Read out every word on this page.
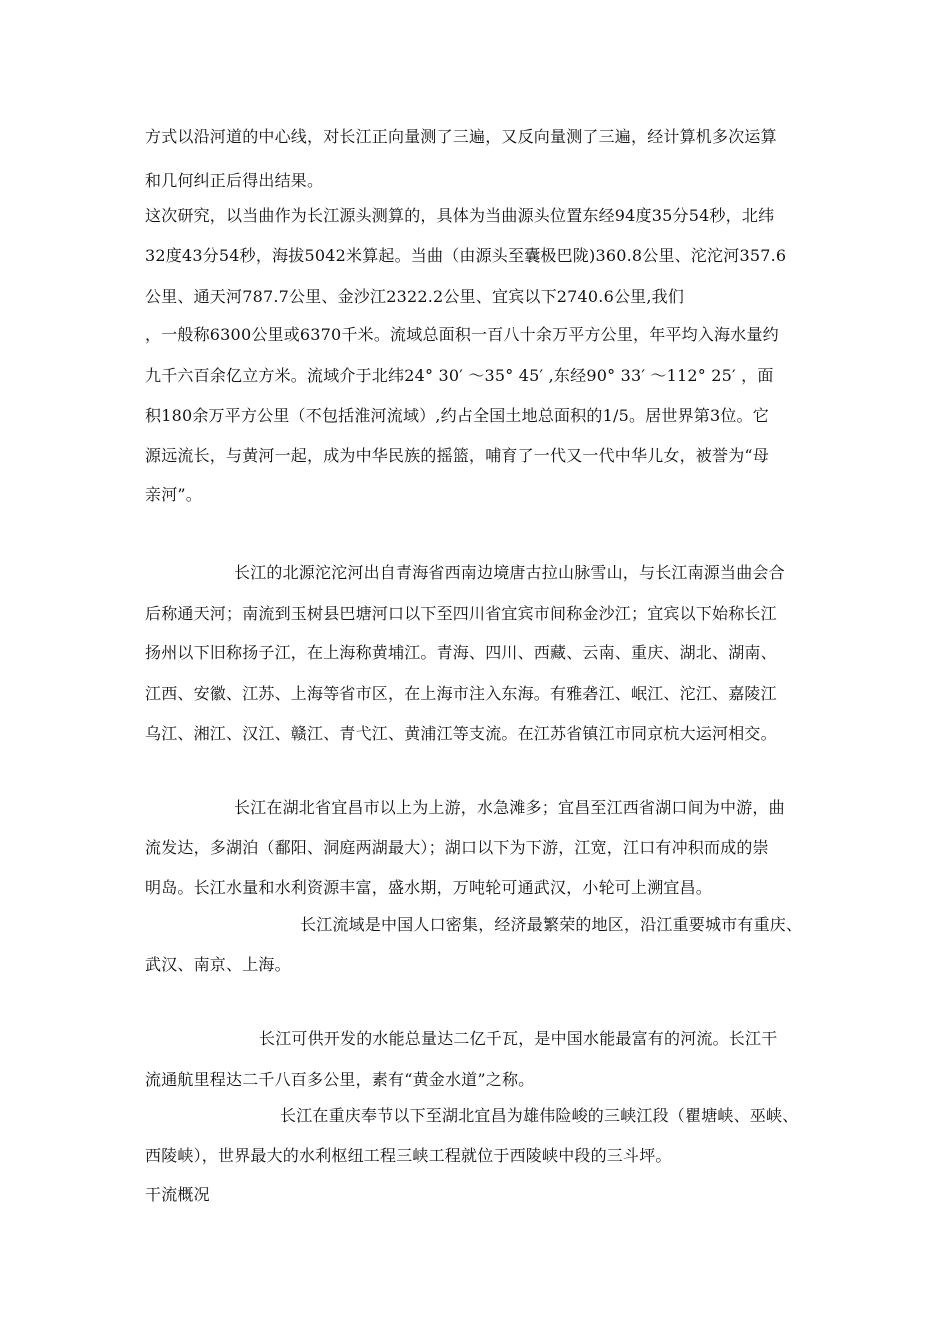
方式以沿河道的中心线，对长江正向量测了三遍，又反向量测了三遍，经计算机多次运算
和几何纠正后得出结果。
这次研究，以当曲作为长江源头测算的，具体为当曲源头位置东经94度35分54秒，北纬
32度43分54秒，海拔5042米算起。当曲（由源头至囊极巴陇)360.8公里、沱沱河357.6
公里、通天河787.7公里、金沙江2322.2公里、宜宾以下2740.6公里,我们
，一般称6300公里或6370千米。流域总面积一百八十余万平方公里，年平均入海水量约
九千六百余亿立方米。流域介于北纬24° 30′ ～35° 45′ ,东经90° 33′ ～112° 25′ ，面
积180余万平方公里（不包括淮河流域）,约占全国土地总面积的1/5。居世界第3位。它
源远流长，与黄河一起，成为中华民族的摇篮，哺育了一代又一代中华儿女，被誉为“母
亲河”。
长江的北源沱沱河出自青海省西南边境唐古拉山脉雪山，与长江南源当曲会合
后称通天河；南流到玉树县巴塘河口以下至四川省宜宾市间称金沙江；宜宾以下始称长江
扬州以下旧称扬子江，在上海称黄埔江。青海、四川、西藏、云南、重庆、湖北、湖南、
江西、安徽、江苏、上海等省市区，在上海市注入东海。有雅砻江、岷江、沱江、嘉陵江
乌江、湘江、汉江、赣江、青弋江、黄浦江等支流。在江苏省镇江市同京杭大运河相交。
长江在湖北省宜昌市以上为上游，水急滩多；宜昌至江西省湖口间为中游，曲
流发达，多湖泊（鄱阳、洞庭两湖最大）；湖口以下为下游，江宽，江口有冲积而成的崇
明岛。长江水量和水利资源丰富，盛水期，万吨轮可通武汉，小轮可上溯宜昌。
长江流域是中国人口密集，经济最繁荣的地区，沿江重要城市有重庆、
武汉、南京、上海。
长江可供开发的水能总量达二亿千瓦，是中国水能最富有的河流。长江干
流通航里程达二千八百多公里，素有“黄金水道”之称。
长江在重庆奉节以下至湖北宜昌为雄伟险峻的三峡江段（瞿塘峡、巫峡、
西陵峡），世界最大的水利枢纽工程三峡工程就位于西陵峡中段的三斗坪。
干流概况
